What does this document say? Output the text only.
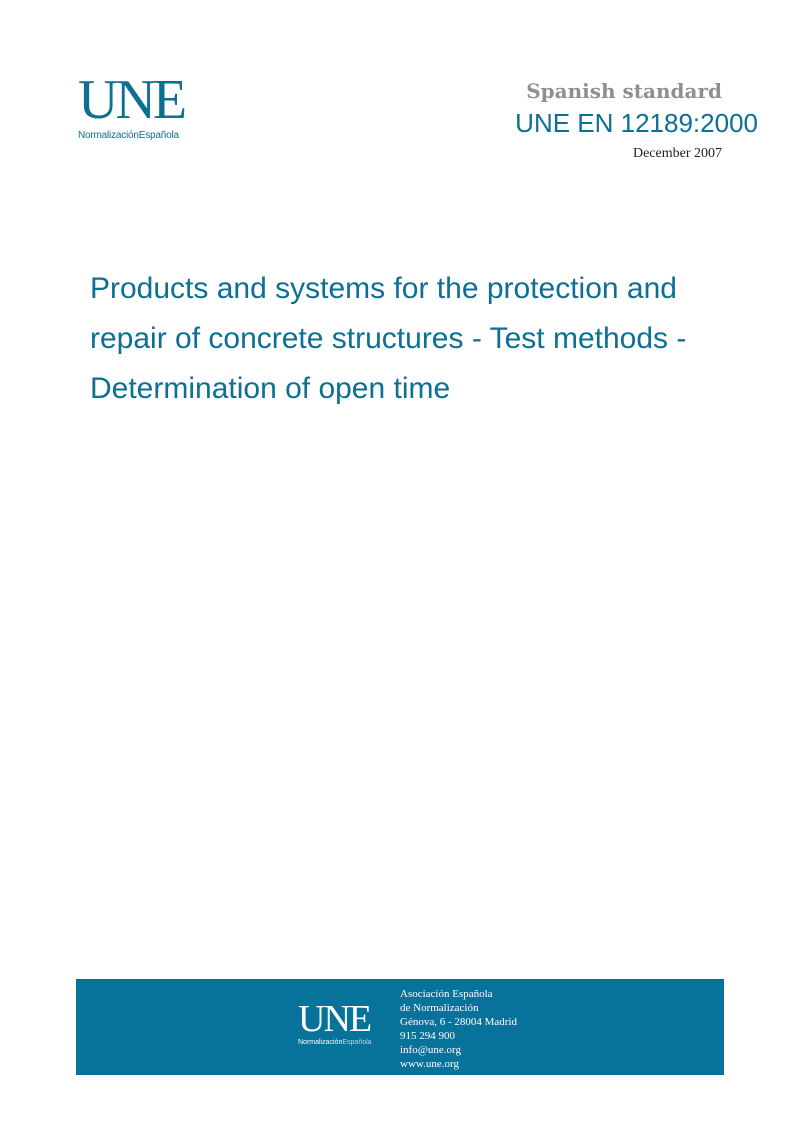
UNE
NormalizaciónEspañola
Spanish standard
UNE EN 12189:2000
December 2007
Products and systems for the protection and repair of concrete structures - Test methods - Determination of open time
UNE
NormalizaciónEspañola
Asociación Española
de Normalización
Génova, 6 - 28004 Madrid
915 294 900
info@une.org
www.une.org
